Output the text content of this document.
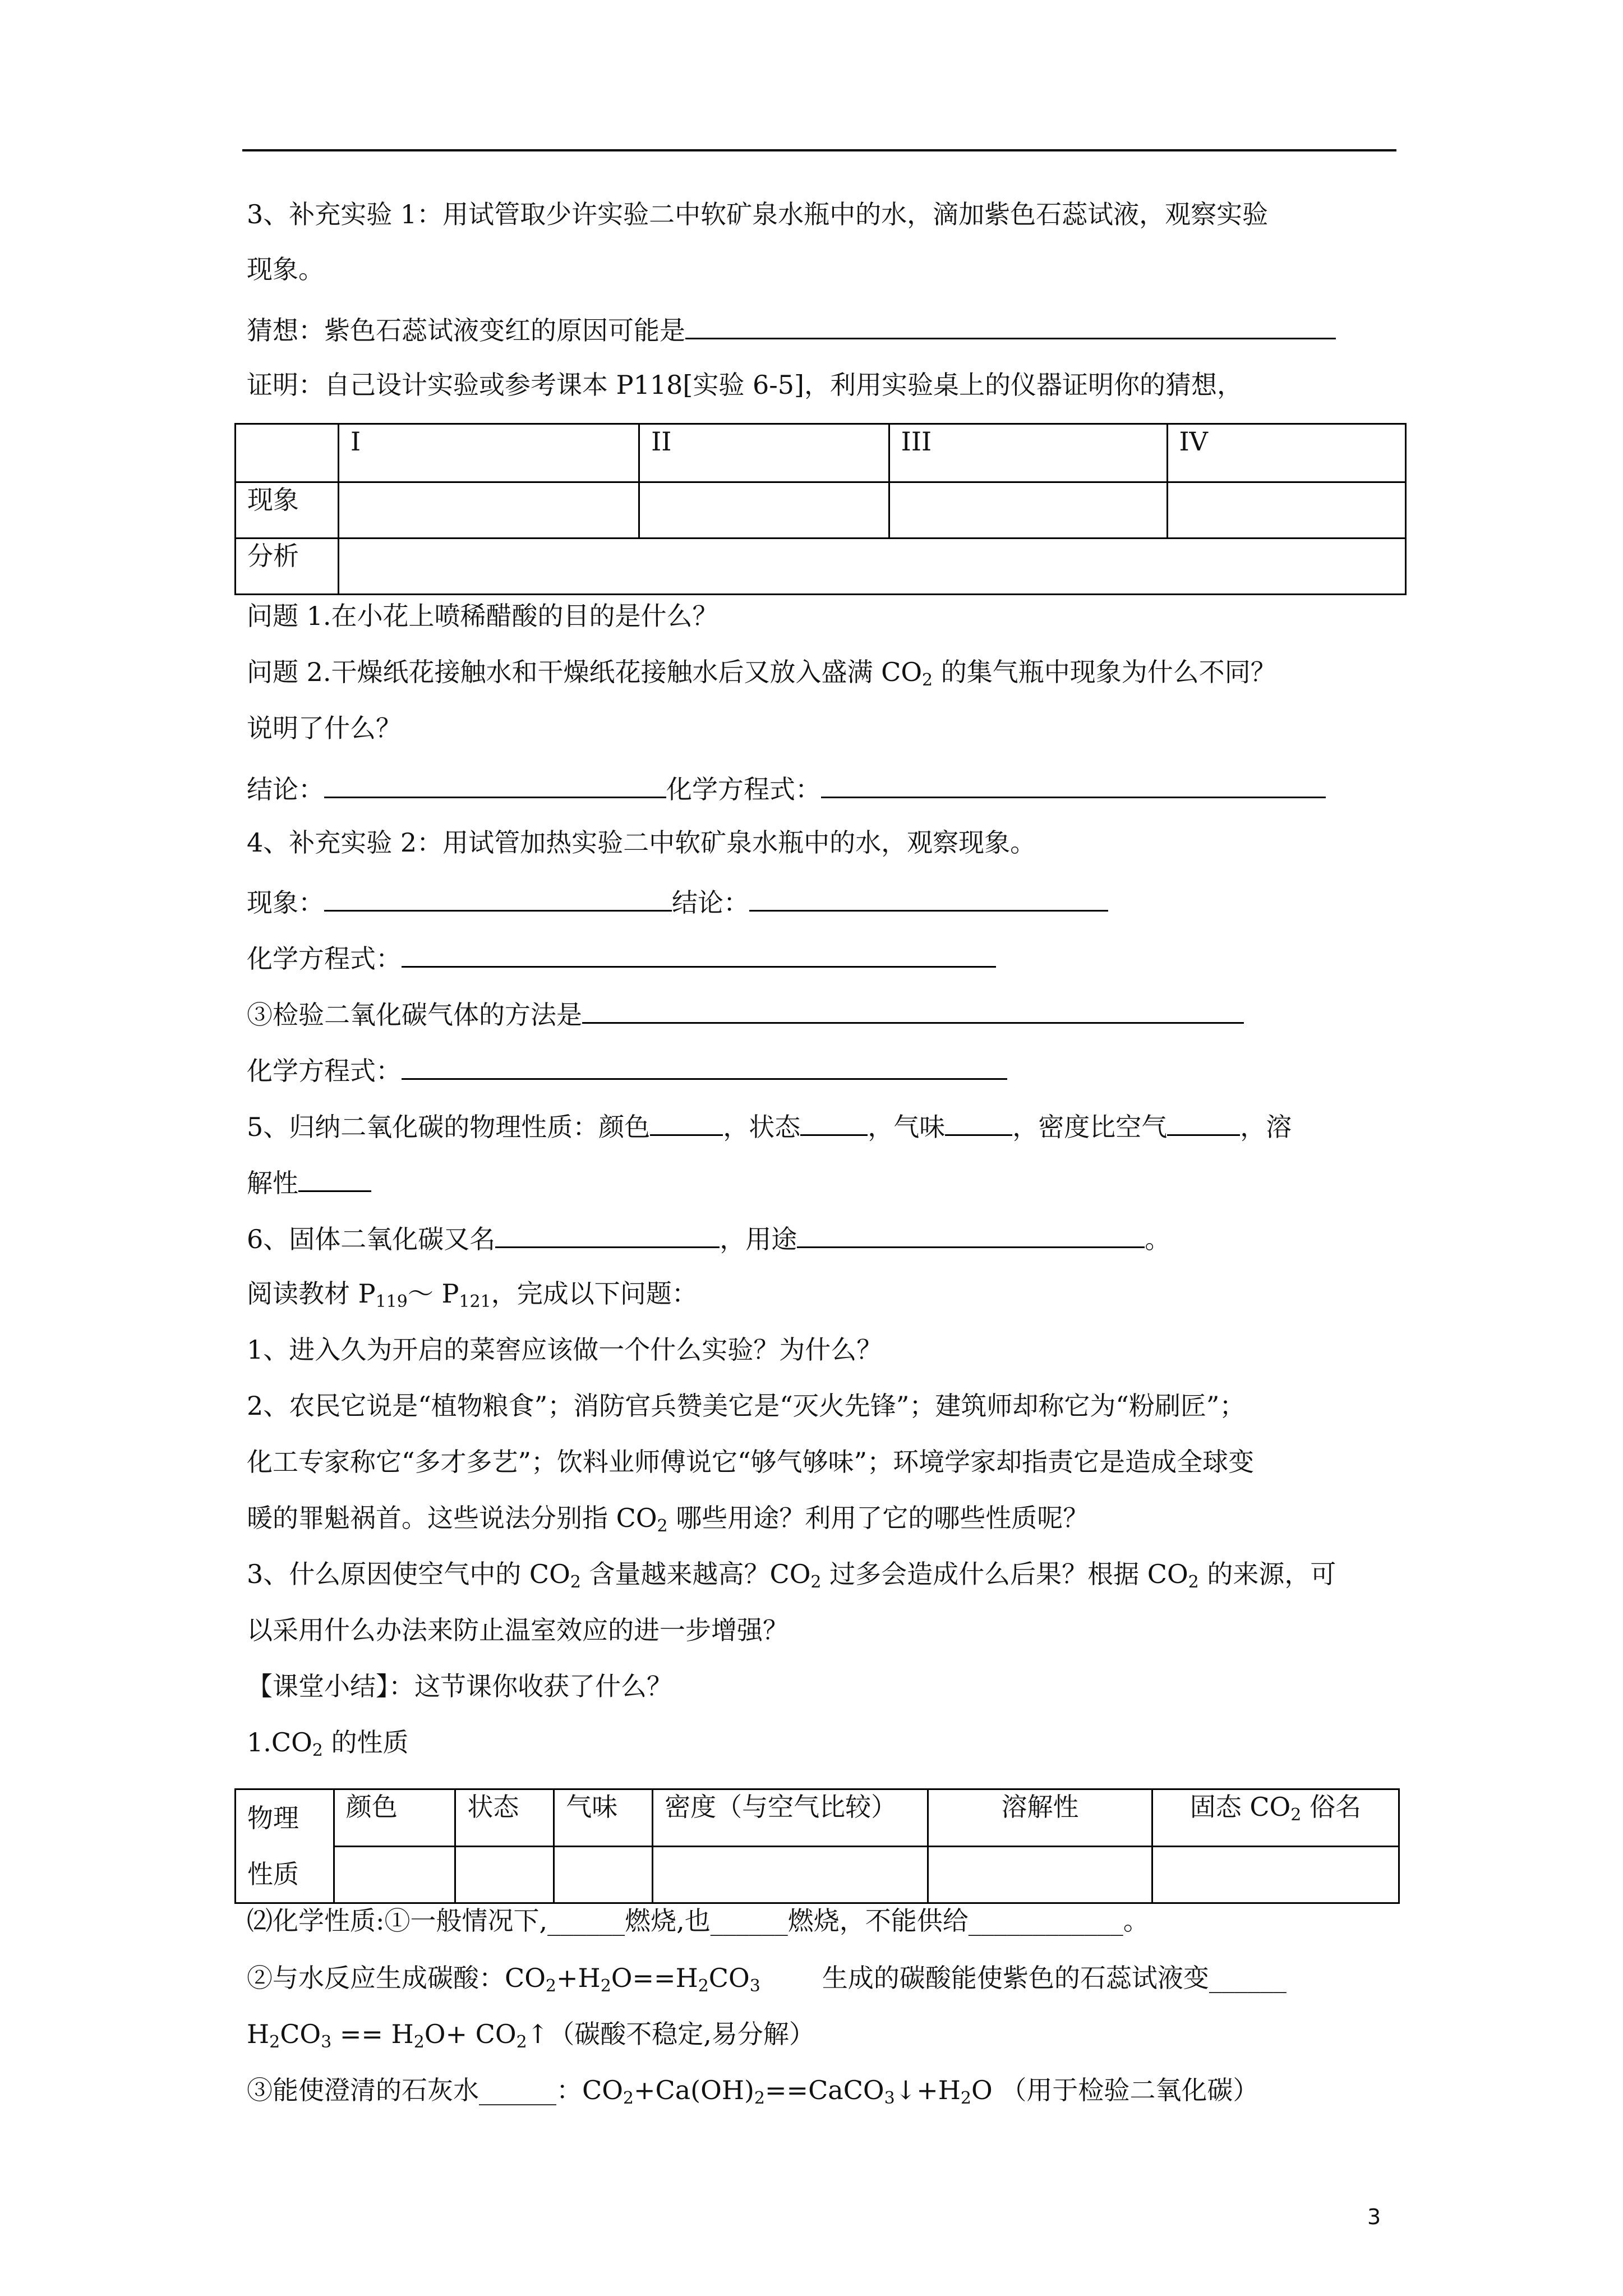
3、补充实验 1：用试管取少许实验二中软矿泉水瓶中的水，滴加紫色石蕊试液，观察实验
现象。
猜想：紫色石蕊试液变红的原因可能是
证明：自己设计实验或参考课本 P118[实验 6-5]，利用实验桌上的仪器证明你的猜想，
	I	II	III	IV
现象				
分析				
问题 1.在小花上喷稀醋酸的目的是什么？
问题 2.干燥纸花接触水和干燥纸花接触水后又放入盛满 $CO_2$ 的集气瓶中现象为什么不同？
说明了什么？
结论：	化学方程式：
4、补充实验 2：用试管加热实验二中软矿泉水瓶中的水，观察现象。
现象：	结论：
化学方程式：
③检验二氧化碳气体的方法是
化学方程式：
5、归纳二氧化碳的物理性质：颜色	，状态	，气味	，密度比空气	，溶
解性
6、固体二氧化碳又名	，用途	。
阅读教材 $P_{119}\sim$ $P_{121}$，完成以下问题：
1、进入久为开启的菜窖应该做一个什么实验？为什么？
2、农民它说是“植物粮食”；消防官兵赞美它是“灭火先锋”；建筑师却称它为“粉刷匠”；
化工专家称它“多才多艺”；饮料业师傅说它“够气够味”；环境学家却指责它是造成全球变
暖的罪魁祸首。这些说法分别指 $CO_2$ 哪些用途？利用了它的哪些性质呢？
3、什么原因使空气中的 $CO_2$ 含量越来越高？$CO_2$ 过多会造成什么后果？根据 $CO_2$ 的来源，可
以采用什么办法来防止温室效应的进一步增强？
【课堂小结】：这节课你收获了什么？
$1.CO_2$ 的性质
物理
性质	颜色	状态	气味	密度（与空气比较）	溶解性	固态 $CO_2$ 俗名

⑵化学性质:①一般情况下,______燃烧,也______燃烧，不能供给____________。
②与水反应生成碳酸：$CO_2+H_2O==H_2CO_3$ 生成的碳酸能使紫色的石蕊试液变______
$H_2CO_3 == H_2O+$ $CO_2↑$（碳酸不稳定,易分解）
③能使澄清的石灰水______：$CO_2+Ca(OH)_2==CaCO_3↓+H_2O$ （用于检验二氧化碳）
3
